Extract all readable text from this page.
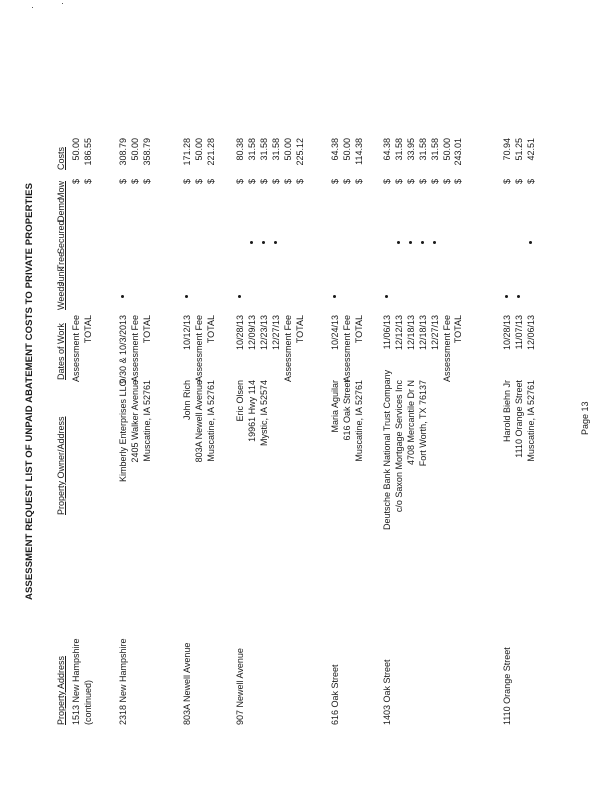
ASSESSMENT REQUEST LIST OF UNPAID ABATEMENT COSTS TO PRIVATE PROPERTIES
Property Address
Page 13
Property Owner/Address
Dates of Work
Weeds
Junk
Tree
Secured
Demo
Mow
Costs
1513 New Hampshire (continued)
Assessment Fee
$
50.00
TOTAL
$
186.55
2318 New Hampshire
Kimberly Enterprises LLC 2405 Walker Avenue Muscatine, IA 52761
9/30 & 10/3/2013
$
308.79
Assessment Fee
$
50.00
TOTAL
$
358.79
803A Newell Avenue
John Rich 803A Newell Avenue Muscatine, IA 52761
10/12/13
$
171.28
Assessment Fee
$
50.00
TOTAL
$
221.28
907 Newell Avenue
Eric Olsen 19961 Hwy 114 Mystic, IA 52574
10/28/13
$
80.38
12/09/13
$
31.58
12/23/13
$
31.58
12/27/13
$
31.58
Assessment Fee
$
50.00
TOTAL
$
225.12
616 Oak Street
Maria Aguilar 616 Oak Street Muscatine, IA 52761
10/24/13
$
64.38
Assessment Fee
$
50.00
TOTAL
$
114.38
1403 Oak Street
Deutsche Bank National Trust Company c/o Saxon Mortgage Services Inc 4708 Mercantile Dr N Fort Worth, TX 76137
11/06/13
$
64.38
12/12/13
$
31.58
12/18/13
$
33.95
12/18/13
$
31.58
12/27/13
$
31.58
Assessment Fee
$
50.00
TOTAL
$
243.01
1110 Orange Street
Harold Biehn Jr 1110 Orange Street Muscatine, IA 52761
10/28/13
$
70.94
11/07/13
$
51.25
12/06/13
$
42.51
